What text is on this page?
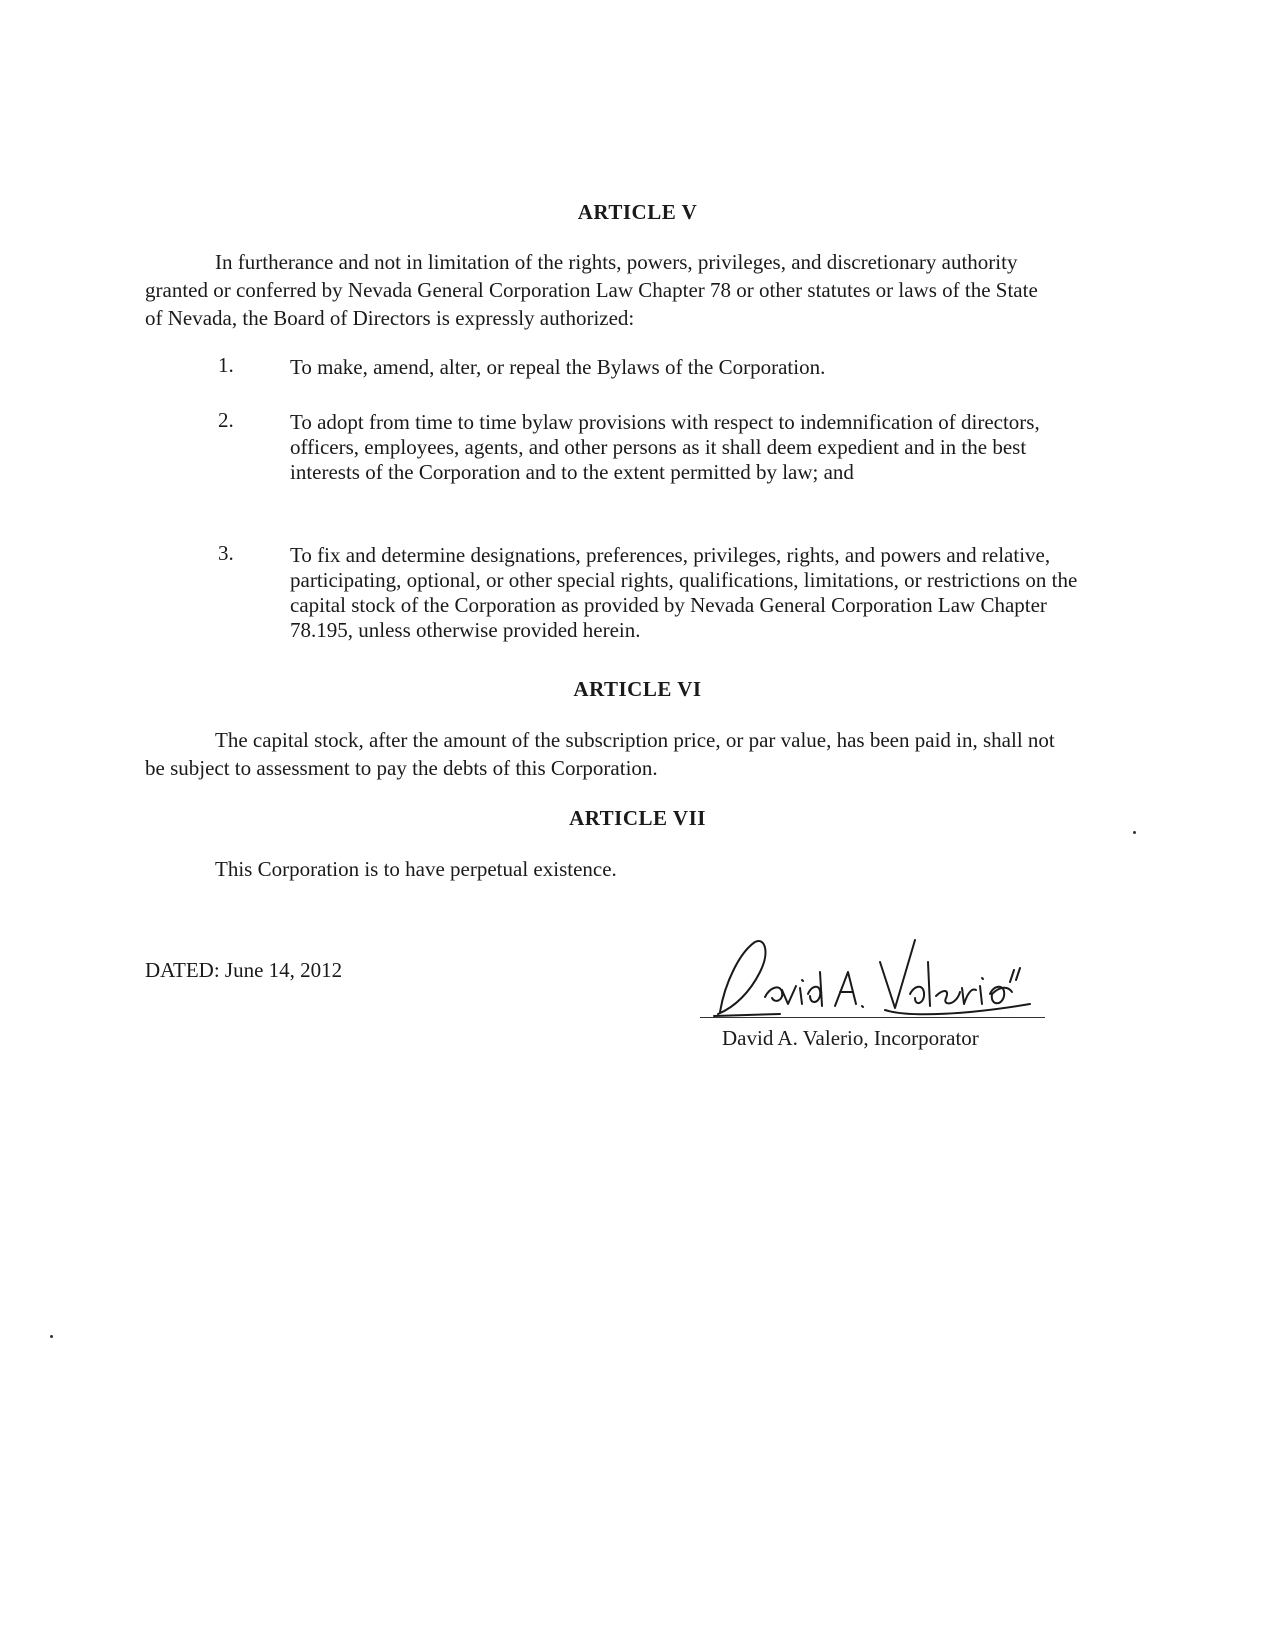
ARTICLE V
In furtherance and not in limitation of the rights, powers, privileges, and discretionary authority granted or conferred by Nevada General Corporation Law Chapter 78 or other statutes or laws of the State of Nevada, the Board of Directors is expressly authorized:
1.	To make, amend, alter, or repeal the Bylaws of the Corporation.
2.	To adopt from time to time bylaw provisions with respect to indemnification of directors, officers, employees, agents, and other persons as it shall deem expedient and in the best interests of the Corporation and to the extent permitted by law; and
3.	To fix and determine designations, preferences, privileges, rights, and powers and relative, participating, optional, or other special rights, qualifications, limitations, or restrictions on the capital stock of the Corporation as provided by Nevada General Corporation Law Chapter 78.195, unless otherwise provided herein.
ARTICLE VI
The capital stock, after the amount of the subscription price, or par value, has been paid in, shall not be subject to assessment to pay the debts of this Corporation.
ARTICLE VII
This Corporation is to have perpetual existence.
DATED: June 14, 2012
David A. Valerio, Incorporator
